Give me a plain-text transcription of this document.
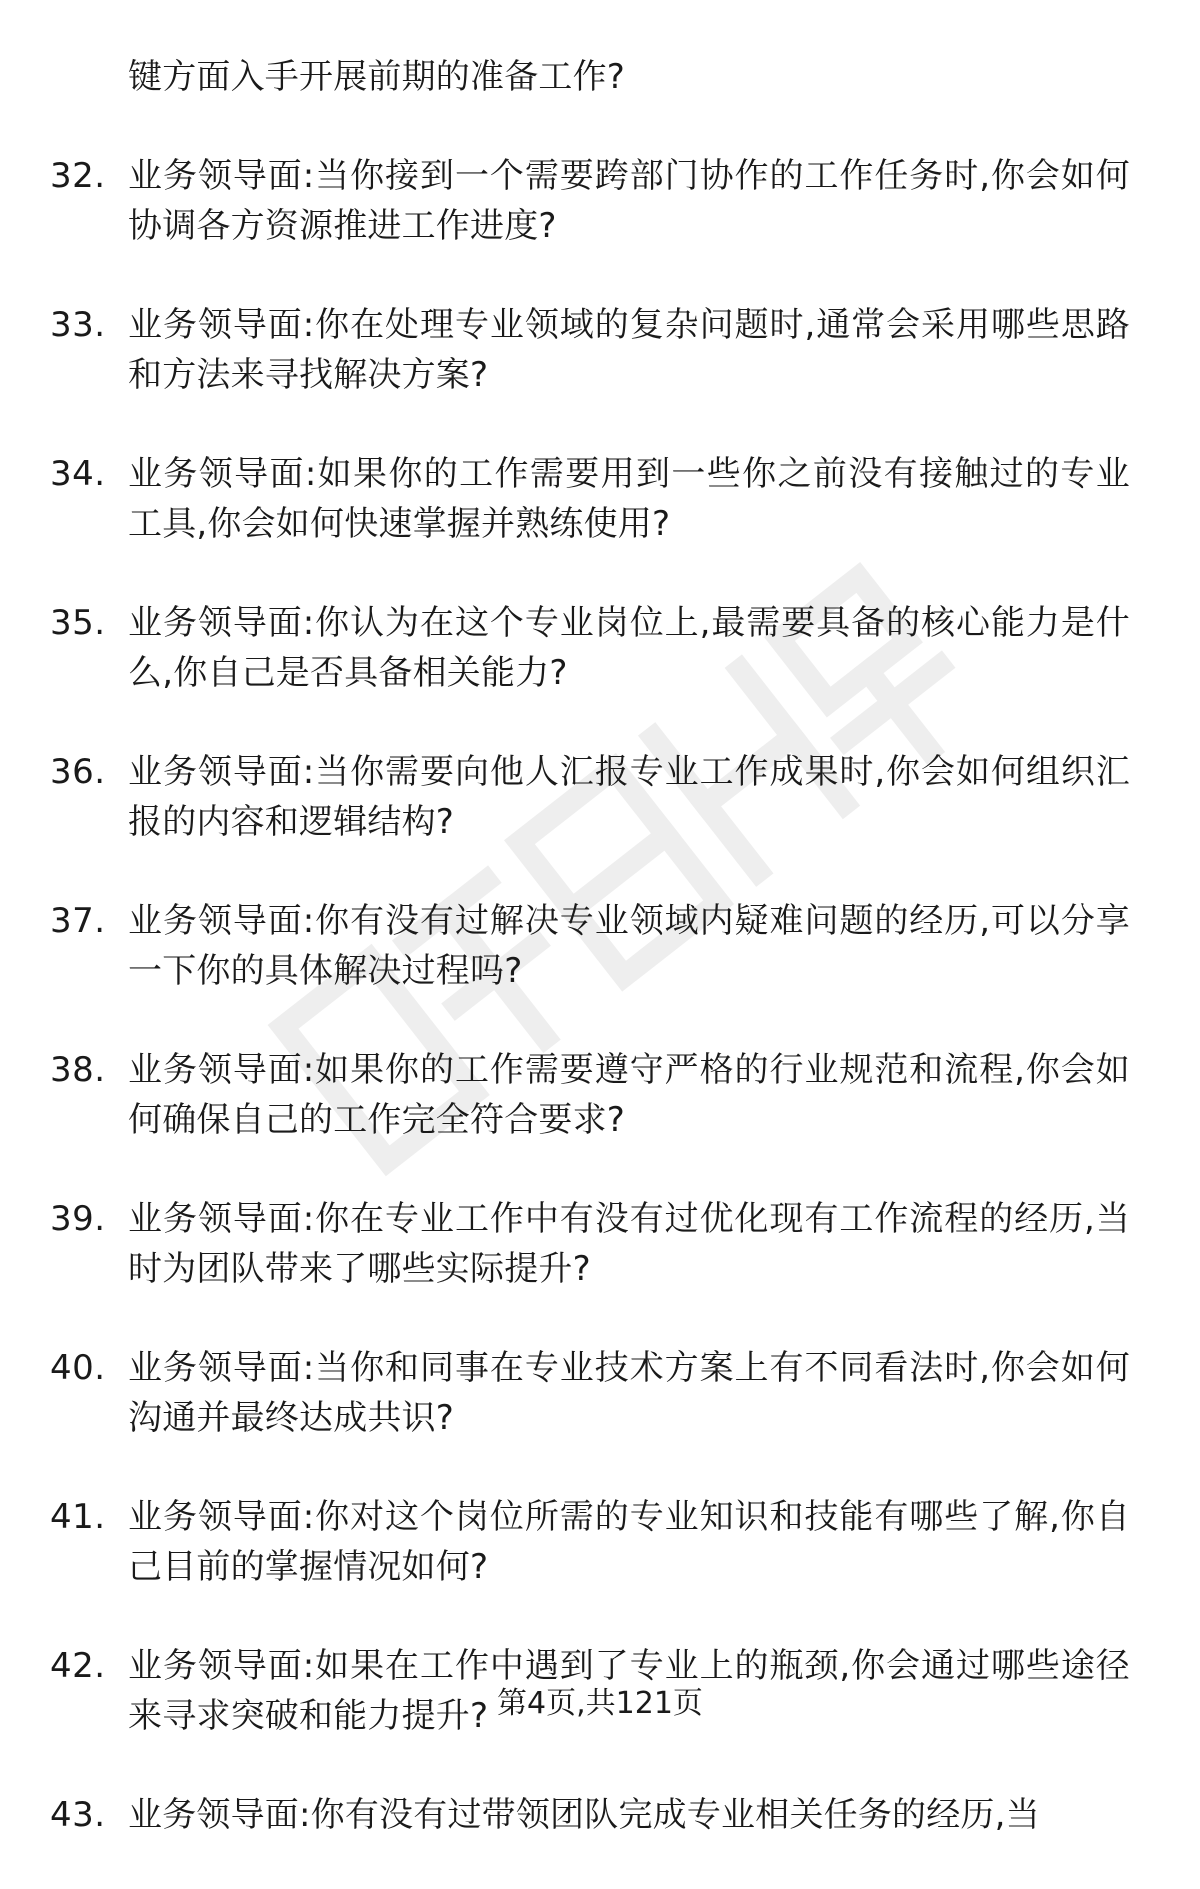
键方面入手开展前期的准备工作?
32. 业务领导面:当你接到一个需要跨部门协作的工作任务时,你会如何协调各方资源推进工作进度?
33. 业务领导面:你在处理专业领域的复杂问题时,通常会采用哪些思路和方法来寻找解决方案?
34. 业务领导面:如果你的工作需要用到一些你之前没有接触过的专业工具,你会如何快速掌握并熟练使用?
35. 业务领导面:你认为在这个专业岗位上,最需要具备的核心能力是什么,你自己是否具备相关能力?
36. 业务领导面:当你需要向他人汇报专业工作成果时,你会如何组织汇报的内容和逻辑结构?
37. 业务领导面:你有没有过解决专业领域内疑难问题的经历,可以分享一下你的具体解决过程吗?
38. 业务领导面:如果你的工作需要遵守严格的行业规范和流程,你会如何确保自己的工作完全符合要求?
39. 业务领导面:你在专业工作中有没有过优化现有工作流程的经历,当时为团队带来了哪些实际提升?
40. 业务领导面:当你和同事在专业技术方案上有不同看法时,你会如何沟通并最终达成共识?
41. 业务领导面:你对这个岗位所需的专业知识和技能有哪些了解,你自己目前的掌握情况如何?
42. 业务领导面:如果在工作中遇到了专业上的瓶颈,你会通过哪些途径来寻求突破和能力提升?
43. 业务领导面:你有没有过带领团队完成专业相关任务的经历,当
第4页,共121页
